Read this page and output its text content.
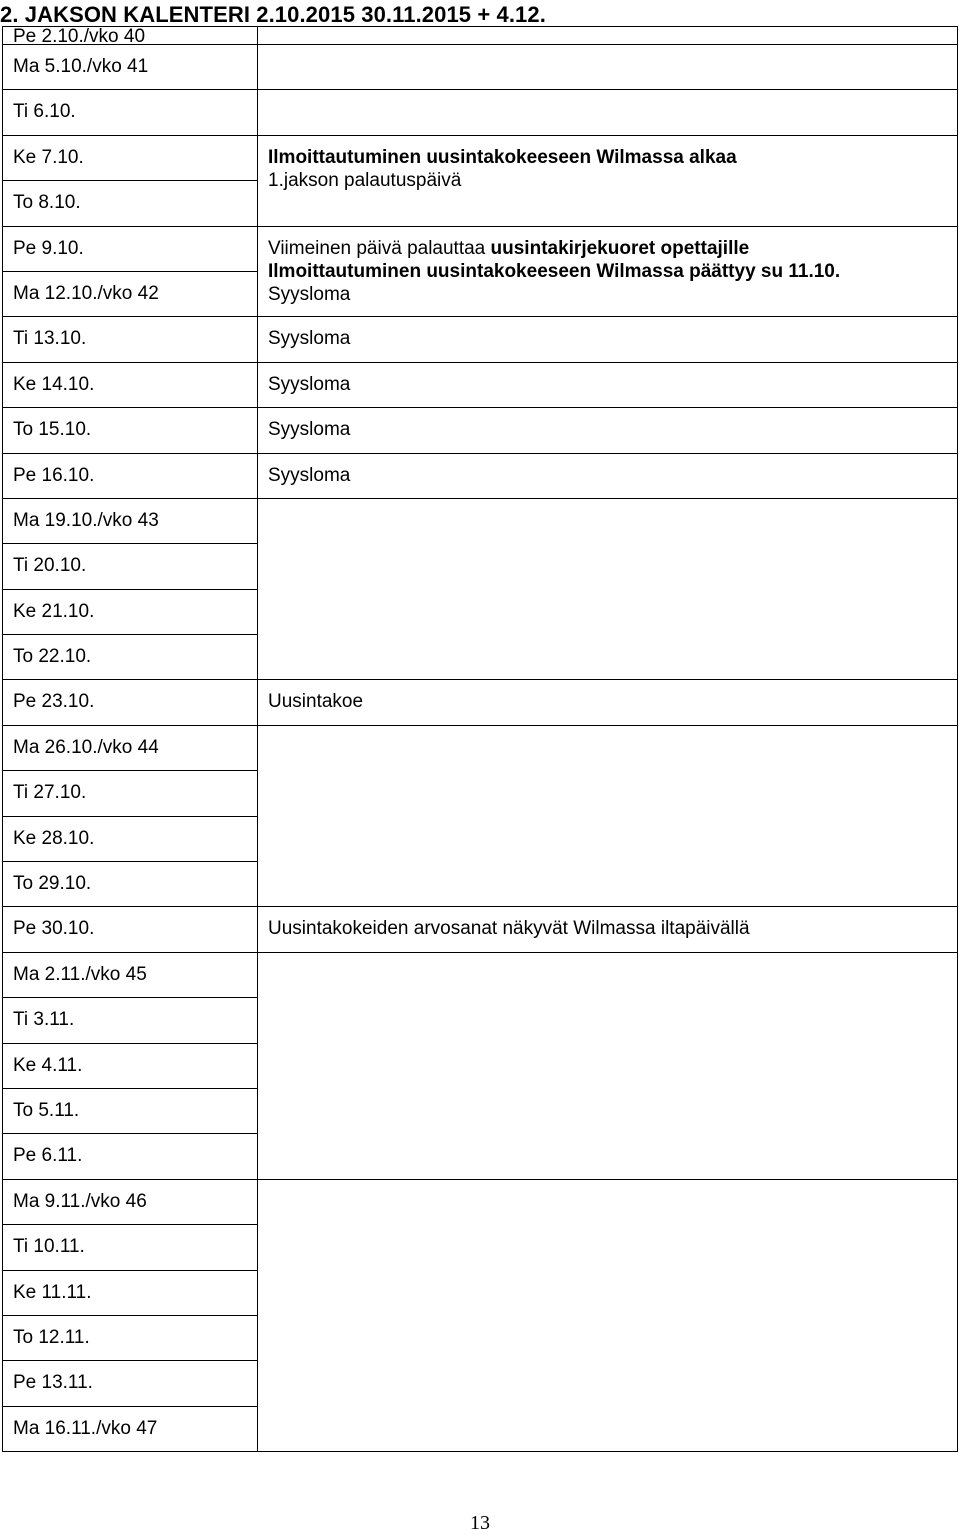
2. JAKSON KALENTERI 2.10.2015 30.11.2015 + 4.12.
Pe 2.10./vko 40	

Ma 5.10./vko 41	

Ti 6.10.	

Ke 7.10.	Ilmoittautuminen uusintakokeeseen Wilmassa alkaa
1.jakson palautuspäivä

To 8.10.	

Pe 9.10.	Viimeinen päivä palauttaa uusintakirjekuoret opettajille
Ilmoittautuminen uusintakokeeseen Wilmassa päättyy su 11.10.
Syysloma

Ma 12.10./vko 42	

Ti 13.10.	Syysloma

Ke 14.10.	Syysloma

To 15.10.	Syysloma

Pe 16.10.	Syysloma

Ma 19.10./vko 43	

Ti 20.10.	

Ke 21.10.	

To 22.10.	

Pe 23.10.	Uusintakoe

Ma 26.10./vko 44	

Ti 27.10.	

Ke 28.10.	

To 29.10.	

Pe 30.10.	Uusintakokeiden arvosanat näkyvät Wilmassa iltapäivällä

Ma 2.11./vko 45	

Ti 3.11.	

Ke 4.11.	

To 5.11.	

Pe 6.11.	

Ma 9.11./vko 46	

Ti 10.11.	

Ke 11.11.	

To 12.11.	

Pe 13.11.	

Ma 16.11./vko 47	
13
